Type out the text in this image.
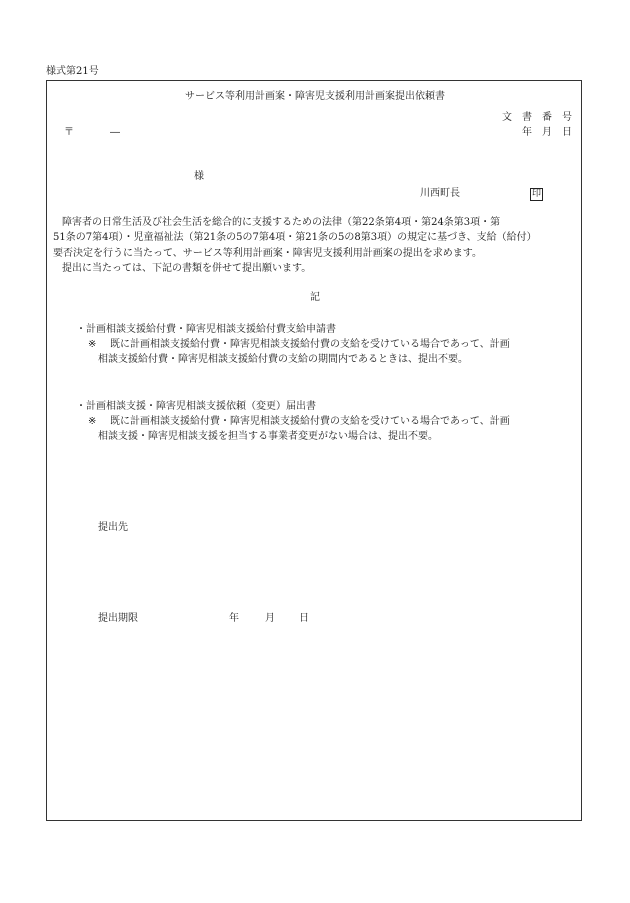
様式第21号
サービス等利用計画案・障害児支援利用計画案提出依頼書
文　書　番　号
年　月　日
〒	―
様
川西町長	印
障害者の日常生活及び社会生活を総合的に支援するための法律（第22条第4項・第24条第3項・第
51条の7第4項）・児童福祉法（第21条の5の7第4項・第21条の5の8第3項）の規定に基づき、支給（給付）
要否決定を行うに当たって、サービス等利用計画案・障害児支援利用計画案の提出を求めます。
提出に当たっては、下記の書類を併せて提出願います。
記
・計画相談支援給付費・障害児相談支援給付費支給申請書
※ 既に計画相談支援給付費・障害児相談支援給付費の支給を受けている場合であって、計画
相談支援給付費・障害児相談支援給付費の支給の期間内であるときは、提出不要。
・計画相談支援・障害児相談支援依頼（変更）届出書
※ 既に計画相談支援給付費・障害児相談支援給付費の支給を受けている場合であって、計画
相談支援・障害児相談支援を担当する事業者変更がない場合は、提出不要。
提出先
提出期限	年	月 日
